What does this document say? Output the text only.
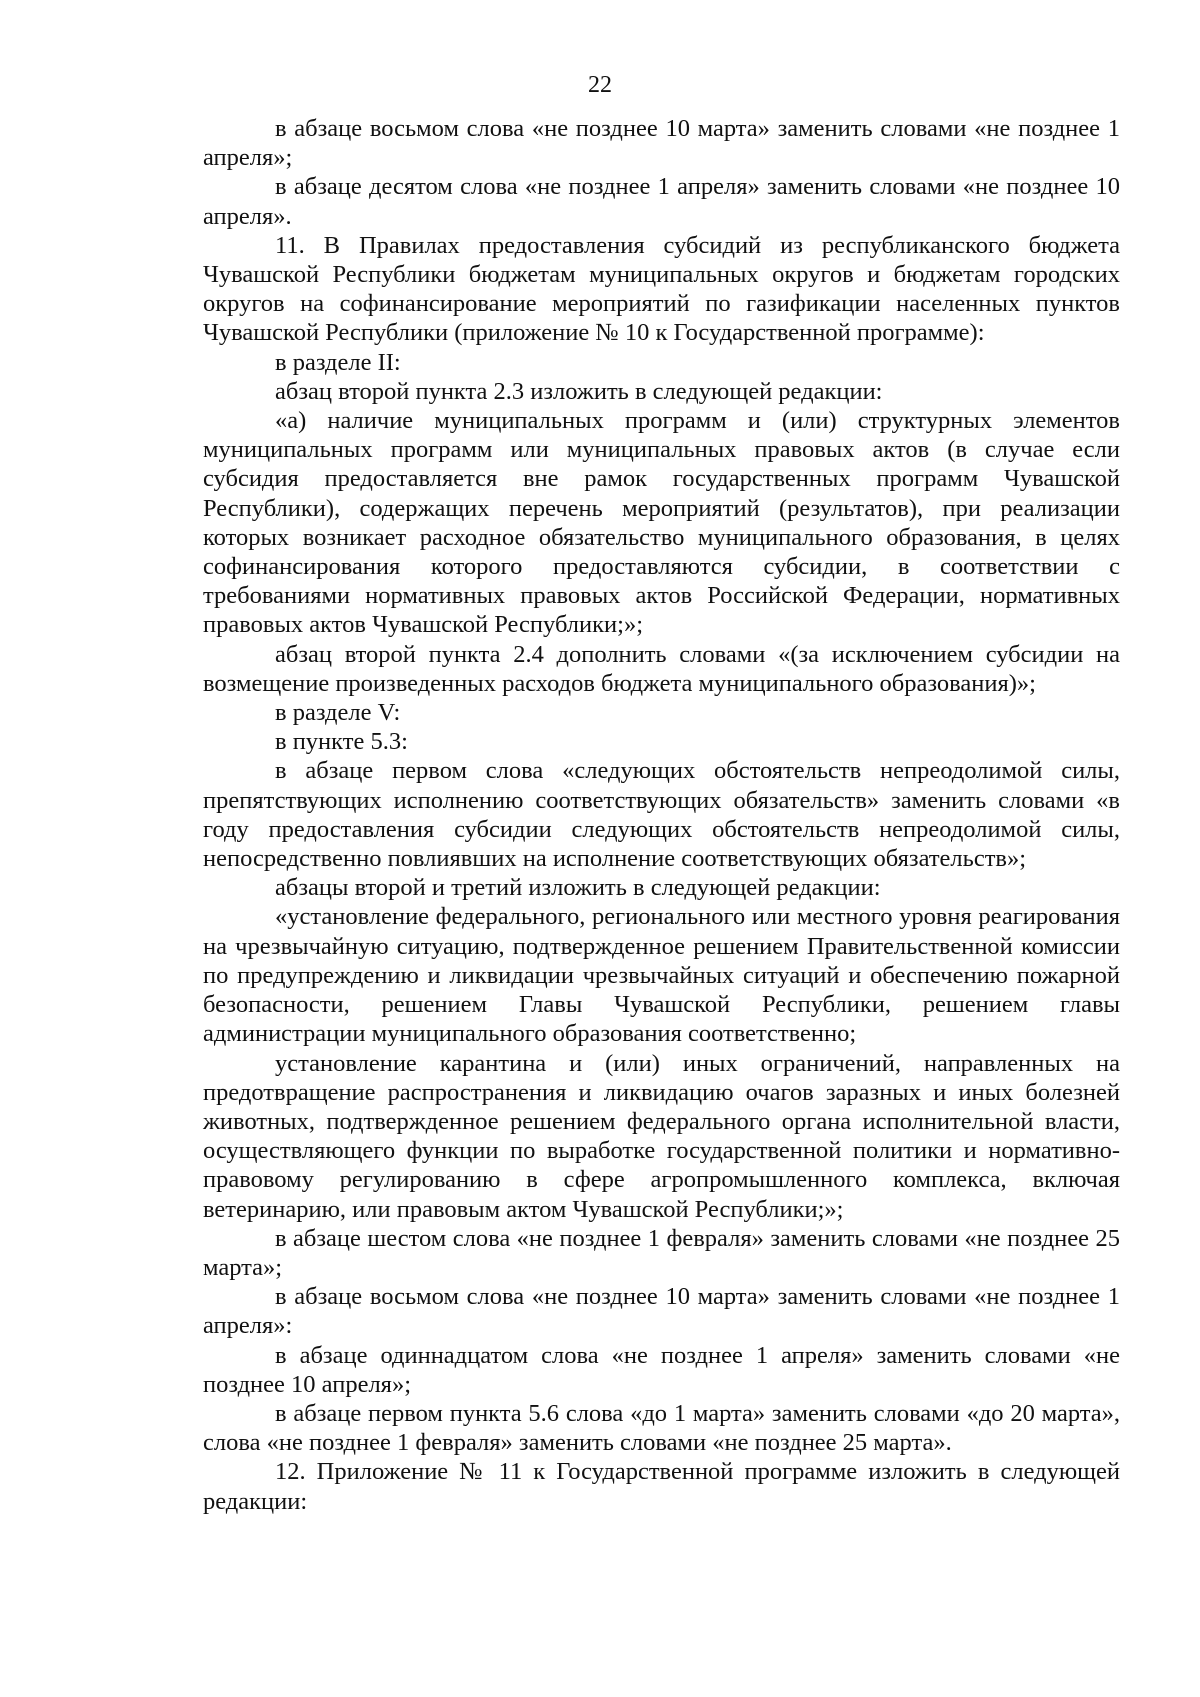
22

в абзаце восьмом слова «не позднее 10 марта» заменить словами «не позднее 1 апреля»;

в абзаце десятом слова «не позднее 1 апреля» заменить словами «не позднее 10 апреля».

11. В Правилах предоставления субсидий из республиканского бюджета Чувашской Республики бюджетам муниципальных округов и бюджетам городских округов на софинансирование мероприятий по газификации населенных пунктов Чувашской Республики (приложение № 10 к Государственной программе):

в разделе II:

абзац второй пункта 2.3 изложить в следующей редакции:

«а) наличие муниципальных программ и (или) структурных элементов муниципальных программ или муниципальных правовых актов (в случае если субсидия предоставляется вне рамок государственных программ Чувашской Республики), содержащих перечень мероприятий (результатов), при реализации которых возникает расходное обязательство муниципального образования, в целях софинансирования которого предоставляются субсидии, в соответствии с требованиями нормативных правовых актов Российской Федерации, нормативных правовых актов Чувашской Республики;»;

абзац второй пункта 2.4 дополнить словами «(за исключением субсидии на возмещение произведенных расходов бюджета муниципального образования)»;

в разделе V:

в пункте 5.3:

в абзаце первом слова «следующих обстоятельств непреодолимой силы, препятствующих исполнению соответствующих обязательств» заменить словами «в году предоставления субсидии следующих обстоятельств непреодолимой силы, непосредственно повлиявших на исполнение соответствующих обязательств»;

абзацы второй и третий изложить в следующей редакции:

«установление федерального, регионального или местного уровня реагирования на чрезвычайную ситуацию, подтвержденное решением Правительственной комиссии по предупреждению и ликвидации чрезвычайных ситуаций и обеспечению пожарной безопасности, решением Главы Чувашской Республики, решением главы администрации муниципального образования соответственно;

установление карантина и (или) иных ограничений, направленных на предотвращение распространения и ликвидацию очагов заразных и иных болезней животных, подтвержденное решением федерального органа исполнительной власти, осуществляющего функции по выработке государственной политики и нормативно-правовому регулированию в сфере агропромышленного комплекса, включая ветеринарию, или правовым актом Чувашской Республики;»;

в абзаце шестом слова «не позднее 1 февраля» заменить словами «не позднее 25 марта»;

в абзаце восьмом слова «не позднее 10 марта» заменить словами «не позднее 1 апреля»:

в абзаце одиннадцатом слова «не позднее 1 апреля» заменить словами «не позднее 10 апреля»;

в абзаце первом пункта 5.6 слова «до 1 марта» заменить словами «до 20 марта», слова «не позднее 1 февраля» заменить словами «не позднее 25 марта».

12. Приложение № 11 к Государственной программе изложить в следующей редакции:
